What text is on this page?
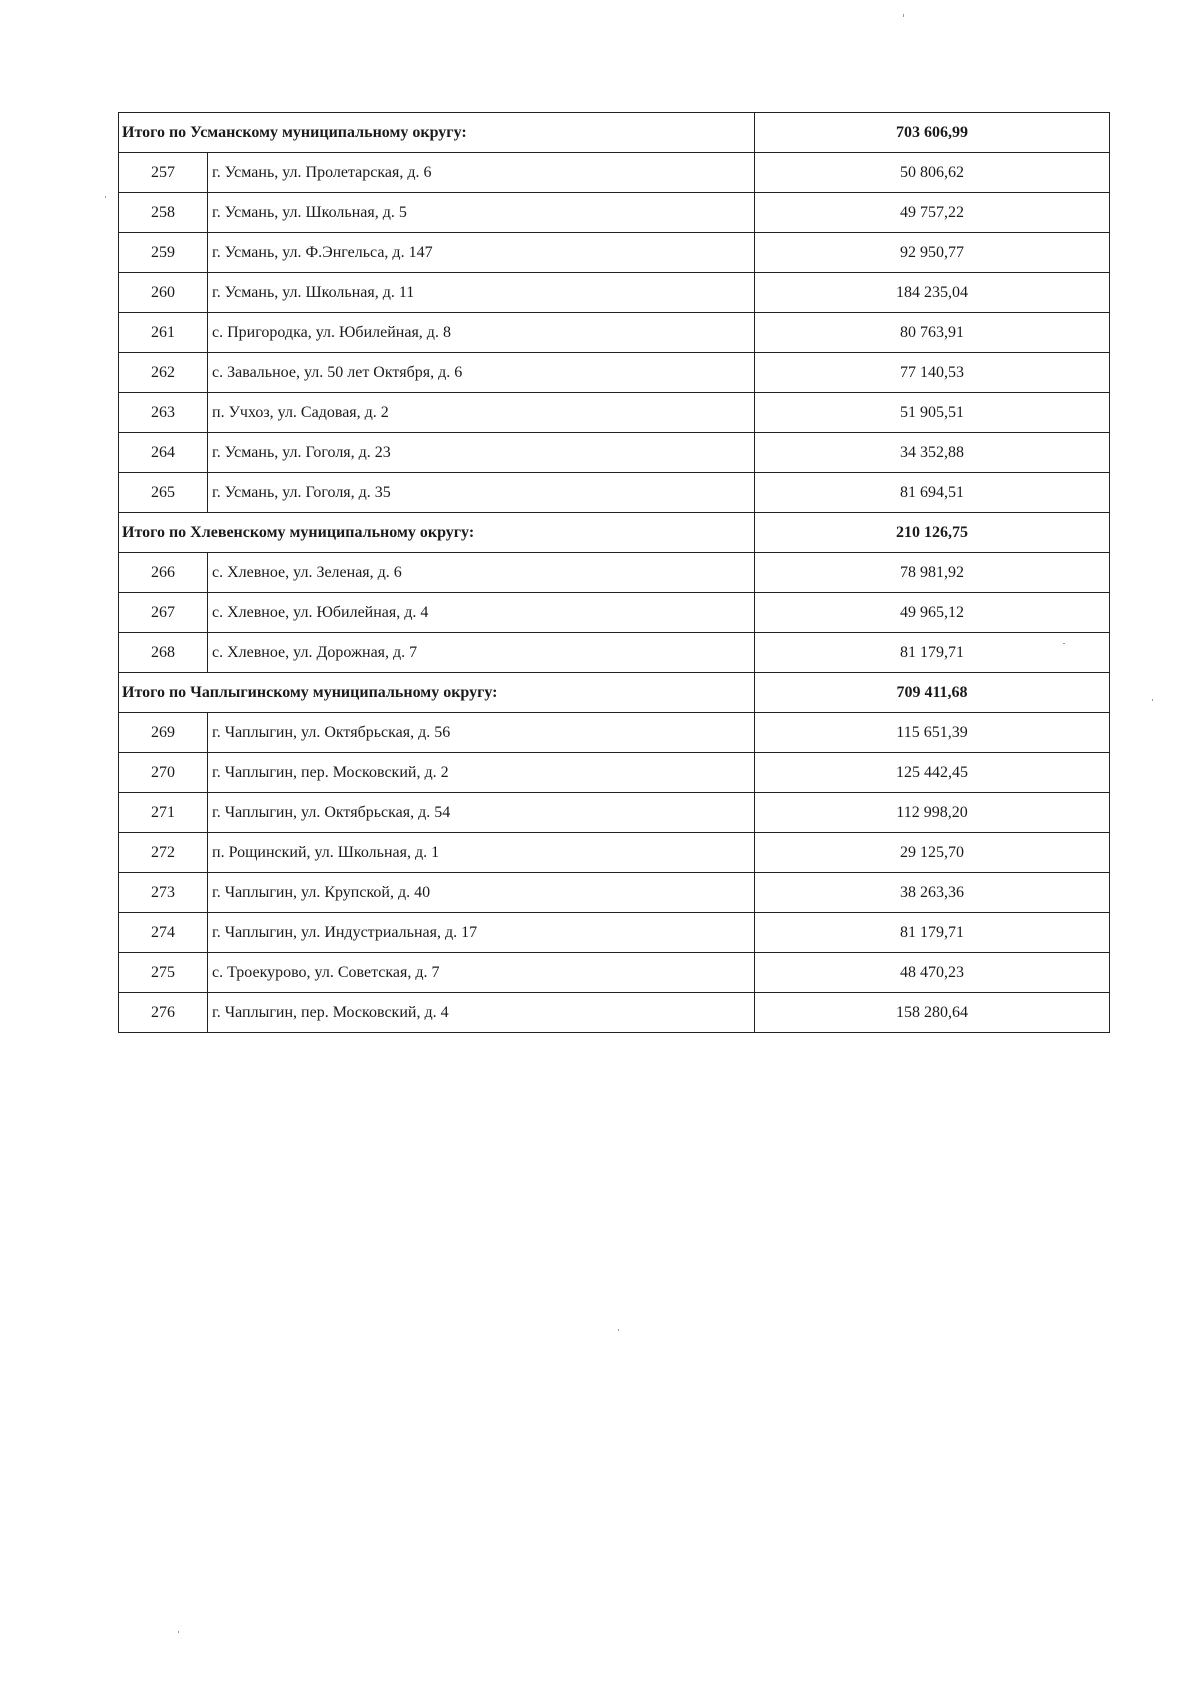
Итого по Усманскому муниципальному округу:		703 606,99
257	г. Усмань, ул. Пролетарская, д. 6	50 806,62
258	г. Усмань, ул. Школьная, д. 5	49 757,22
259	г. Усмань, ул. Ф.Энгельса, д. 147	92 950,77
260	г. Усмань, ул. Школьная, д. 11	184 235,04
261	с. Пригородка, ул. Юбилейная, д. 8	80 763,91
262	с. Завальное, ул. 50 лет Октября, д. 6	77 140,53
263	п. Учхоз, ул. Садовая, д. 2	51 905,51
264	г. Усмань, ул. Гоголя, д. 23	34 352,88
265	г. Усмань, ул. Гоголя, д. 35	81 694,51
Итого по Хлевенскому муниципальному округу:		210 126,75
266	с. Хлевное, ул. Зеленая, д. 6	78 981,92
267	с. Хлевное, ул. Юбилейная, д. 4	49 965,12
268	с. Хлевное, ул. Дорожная, д. 7	81 179,71
Итого по Чаплыгинскому муниципальному округу:		709 411,68
269	г. Чаплыгин, ул. Октябрьская, д. 56	115 651,39
270	г. Чаплыгин, пер. Московский, д. 2	125 442,45
271	г. Чаплыгин, ул. Октябрьская, д. 54	112 998,20
272	п. Рощинский, ул. Школьная, д. 1	29 125,70
273	г. Чаплыгин, ул. Крупской, д. 40	38 263,36
274	г. Чаплыгин, ул. Индустриальная, д. 17	81 179,71
275	с. Троекурово, ул. Советская, д. 7	48 470,23
276	г. Чаплыгин, пер. Московский, д. 4	158 280,64
